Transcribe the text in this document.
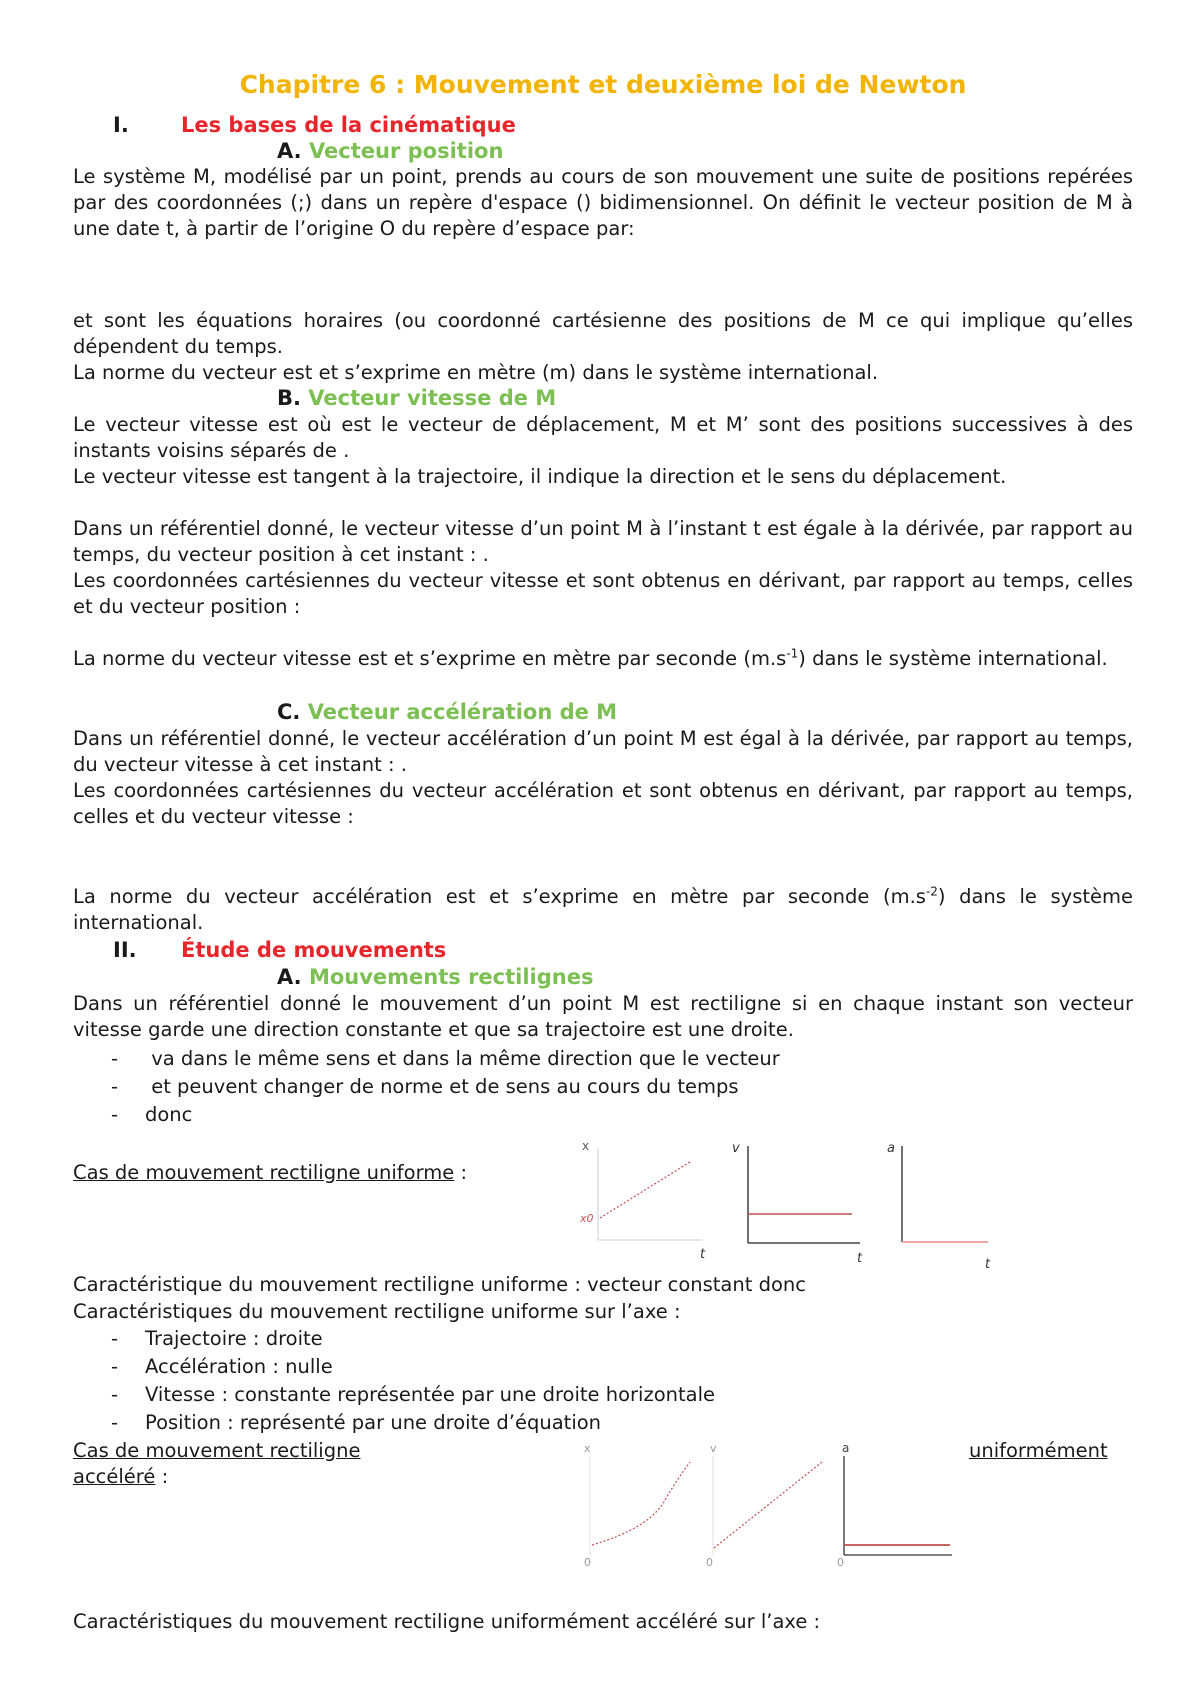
Chapitre 6 : Mouvement et deuxième loi de Newton
I. Les bases de la cinématique
A. Vecteur position
Le système M, modélisé par un point, prends au cours de son mouvement une suite de positions repérées par des coordonnées (;) dans un repère d'espace () bidimensionnel. On définit le vecteur position de M à une date t, à partir de l’origine O du repère d’espace par:
et sont les équations horaires (ou coordonné cartésienne des positions de M ce qui implique qu’elles dépendent du temps.
La norme du vecteur est et s’exprime en mètre (m) dans le système international.
B. Vecteur vitesse de M
Le vecteur vitesse est où est le vecteur de déplacement, M et M’ sont des positions successives à des instants voisins séparés de .
Le vecteur vitesse est tangent à la trajectoire, il indique la direction et le sens du déplacement.
Dans un référentiel donné, le vecteur vitesse d’un point M à l’instant t est égale à la dérivée, par rapport au temps, du vecteur position à cet instant : .
Les coordonnées cartésiennes du vecteur vitesse et sont obtenus en dérivant, par rapport au temps, celles et du vecteur position :
La norme du vecteur vitesse est et s’exprime en mètre par seconde $(m.s^{-1})$ dans le système international.
C. Vecteur accélération de M
Dans un référentiel donné, le vecteur accélération d’un point M est égal à la dérivée, par rapport au temps, du vecteur vitesse à cet instant : .
Les coordonnées cartésiennes du vecteur accélération et sont obtenus en dérivant, par rapport au temps, celles et du vecteur vitesse :
La norme du vecteur accélération est et s’exprime en mètre par seconde $(m.s^{-2})$ dans le système international.
II. Étude de mouvements
A. Mouvements rectilignes
Dans un référentiel donné le mouvement d’un point M est rectiligne si en chaque instant son vecteur vitesse garde une direction constante et que sa trajectoire est une droite.
- va dans le même sens et dans la même direction que le vecteur
- et peuvent changer de norme et de sens au cours du temps
- donc
Cas de mouvement rectiligne uniforme :
Caractéristique du mouvement rectiligne uniforme : vecteur constant donc
Caractéristiques du mouvement rectiligne uniforme sur l’axe :
- Trajectoire : droite
- Accélération : nulle
- Vitesse : constante représentée par une droite horizontale
- Position : représenté par une droite d’équation
Cas de mouvement rectiligne	uniformément
accéléré :
Caractéristiques du mouvement rectiligne uniformément accéléré sur l’axe :
x
x0
t
v
t
a
t
x
0
v
0
a
0
